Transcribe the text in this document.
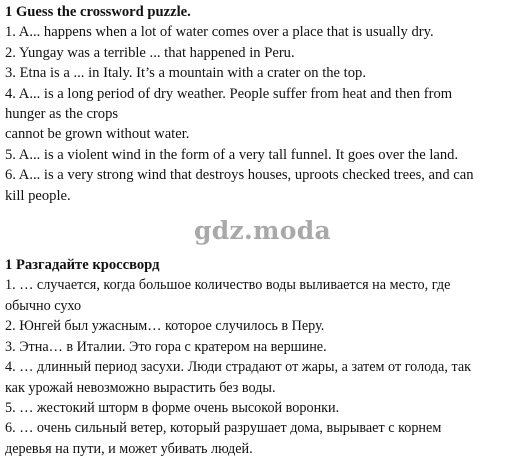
1 Guess the crossword puzzle.

1. A... happens when a lot of water comes over a place that is usually dry.

2. Yungay was a terrible ... that happened in Peru.

3. Etna is a ... in Italy. It’s a mountain with a crater on the top.

4. A... is a long period of dry weather. People suffer from heat and then from

hunger as the crops

cannot be grown without water.

5. A... is a violent wind in the form of a very tall funnel. It goes over the land.

6. A... is a very strong wind that destroys houses, uproots checked trees, and can

kill people.

gdz.moda

1 Разгадайте кроссворд

1. … случается, когда большое количество воды выливается на место, где

обычно сухо

2. Юнгей был ужасным… которое случилось в Перу.

3. Этна… в Италии. Это гора с кратером на вершине.

4. … длинный период засухи. Люди страдают от жары, а затем от голода, так

как урожай невозможно вырастить без воды.

5. … жестокий шторм в форме очень высокой воронки.

6. … очень сильный ветер, который разрушает дома, вырывает с корнем

деревья на пути, и может убивать людей.
